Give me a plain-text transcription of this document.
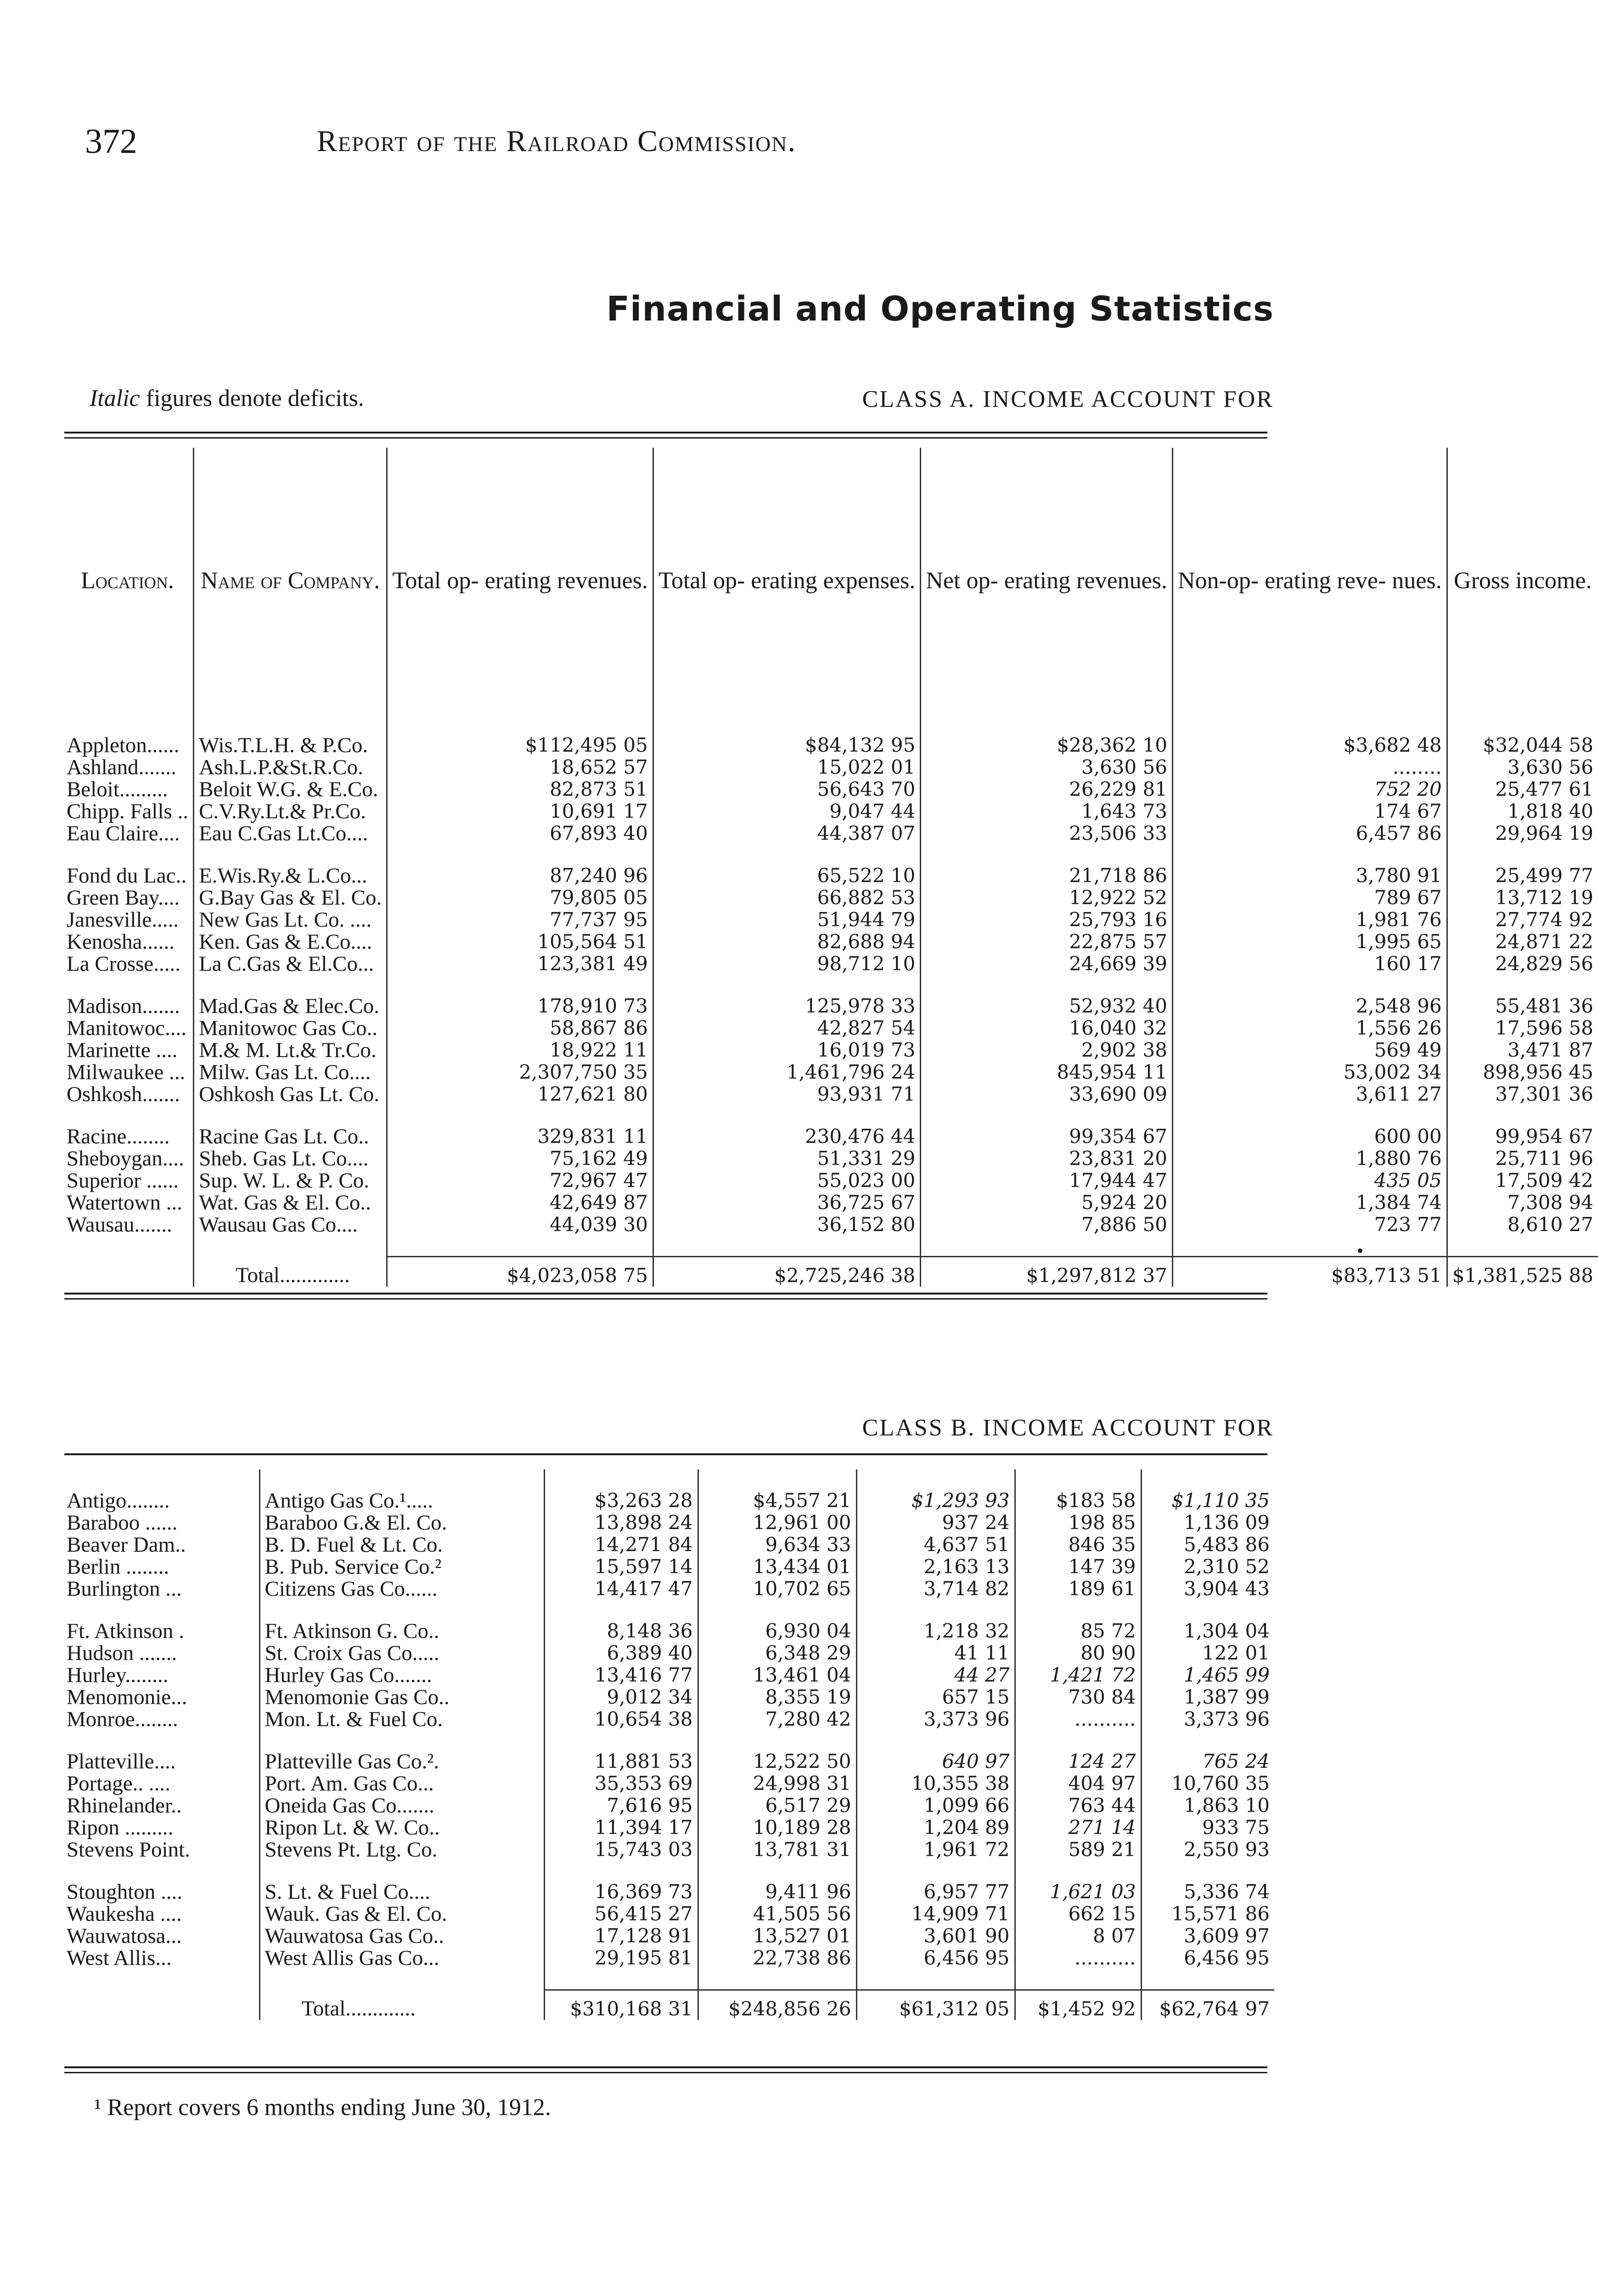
372	Report of the Railroad Commission.
Financial and Operating Statistics
Italic figures denote deficits.	CLASS A. INCOME ACCOUNT FOR
Location.	Name of Company.	Total op- erating revenues.	Total op- erating expenses.	Net op- erating revenues.	Non-op- erating reve- nues.	Gross income.

Appleton......	Wis.T.L.H. & P.Co.	$112,495 05	$84,132 95	$28,362 10	$3,682 48	$32,044 58
Ashland.......	Ash.L.P.&St.R.Co.	18,652 57	15,022 01	3,630 56	........	3,630 56
Beloit.........	Beloit W.G. & E.Co.	82,873 51	56,643 70	26,229 81	752 20	25,477 61
Chipp. Falls ..	C.V.Ry.Lt.& Pr.Co.	10,691 17	9,047 44	1,643 73	174 67	1,818 40
Eau Claire....	Eau C.Gas Lt.Co....	67,893 40	44,387 07	23,506 33	6,457 86	29,964 19

Fond du Lac..	E.Wis.Ry.& L.Co...	87,240 96	65,522 10	21,718 86	3,780 91	25,499 77
Green Bay....	G.Bay Gas & El. Co.	79,805 05	66,882 53	12,922 52	789 67	13,712 19
Janesville.....	New Gas Lt. Co. ....	77,737 95	51,944 79	25,793 16	1,981 76	27,774 92
Kenosha......	Ken. Gas & E.Co....	105,564 51	82,688 94	22,875 57	1,995 65	24,871 22
La Crosse.....	La C.Gas & El.Co...	123,381 49	98,712 10	24,669 39	160 17	24,829 56

Madison.......	Mad.Gas & Elec.Co.	178,910 73	125,978 33	52,932 40	2,548 96	55,481 36
Manitowoc....	Manitowoc Gas Co..	58,867 86	42,827 54	16,040 32	1,556 26	17,596 58
Marinette ....	M.& M. Lt.& Tr.Co.	18,922 11	16,019 73	2,902 38	569 49	3,471 87
Milwaukee ...	Milw. Gas Lt. Co....	2,307,750 35	1,461,796 24	845,954 11	53,002 34	898,956 45
Oshkosh.......	Oshkosh Gas Lt. Co.	127,621 80	93,931 71	33,690 09	3,611 27	37,301 36

Racine........	Racine Gas Lt. Co..	329,831 11	230,476 44	99,354 67	600 00	99,954 67
Sheboygan....	Sheb. Gas Lt. Co....	75,162 49	51,331 29	23,831 20	1,880 76	25,711 96
Superior ......	Sup. W. L. & P. Co.	72,967 47	55,023 00	17,944 47	435 05	17,509 42
Watertown ...	Wat. Gas & El. Co..	42,649 87	36,725 67	5,924 20	1,384 74	7,308 94
Wausau.......	Wausau Gas Co....	44,039 30	36,152 80	7,886 50	723 77	8,610 27

	Total.............	$4,023,058 75	$2,725,246 38	$1,297,812 37	$83,713 51	$1,381,525 88
•
CLASS B. INCOME ACCOUNT FOR

Antigo........	Antigo Gas Co.¹.....	$3,263 28	$4,557 21	$1,293 93	$183 58	$1,110 35
Baraboo ......	Baraboo G.& El. Co.	13,898 24	12,961 00	937 24	198 85	1,136 09
Beaver Dam..	B. D. Fuel & Lt. Co.	14,271 84	9,634 33	4,637 51	846 35	5,483 86
Berlin ........	B. Pub. Service Co.²	15,597 14	13,434 01	2,163 13	147 39	2,310 52
Burlington ...	Citizens Gas Co......	14,417 47	10,702 65	3,714 82	189 61	3,904 43

Ft. Atkinson .	Ft. Atkinson G. Co..	8,148 36	6,930 04	1,218 32	85 72	1,304 04
Hudson .......	St. Croix Gas Co.....	6,389 40	6,348 29	41 11	80 90	122 01
Hurley........	Hurley Gas Co.......	13,416 77	13,461 04	44 27	1,421 72	1,465 99
Menomonie...	Menomonie Gas Co..	9,012 34	8,355 19	657 15	730 84	1,387 99
Monroe........	Mon. Lt. & Fuel Co.	10,654 38	7,280 42	3,373 96	..........	3,373 96

Platteville....	Platteville Gas Co.².	11,881 53	12,522 50	640 97	124 27	765 24
Portage.. ....	Port. Am. Gas Co...	35,353 69	24,998 31	10,355 38	404 97	10,760 35
Rhinelander..	Oneida Gas Co.......	7,616 95	6,517 29	1,099 66	763 44	1,863 10
Ripon .........	Ripon Lt. & W. Co..	11,394 17	10,189 28	1,204 89	271 14	933 75
Stevens Point.	Stevens Pt. Ltg. Co.	15,743 03	13,781 31	1,961 72	589 21	2,550 93

Stoughton ....	S. Lt. & Fuel Co....	16,369 73	9,411 96	6,957 77	1,621 03	5,336 74
Waukesha ....	Wauk. Gas & El. Co.	56,415 27	41,505 56	14,909 71	662 15	15,571 86
Wauwatosa...	Wauwatosa Gas Co..	17,128 91	13,527 01	3,601 90	8 07	3,609 97
West Allis...	West Allis Gas Co...	29,195 81	22,738 86	6,456 95	..........	6,456 95

	Total.............	$310,168 31	$248,856 26	$61,312 05	$1,452 92	$62,764 97
¹ Report covers 6 months ending June 30, 1912.
